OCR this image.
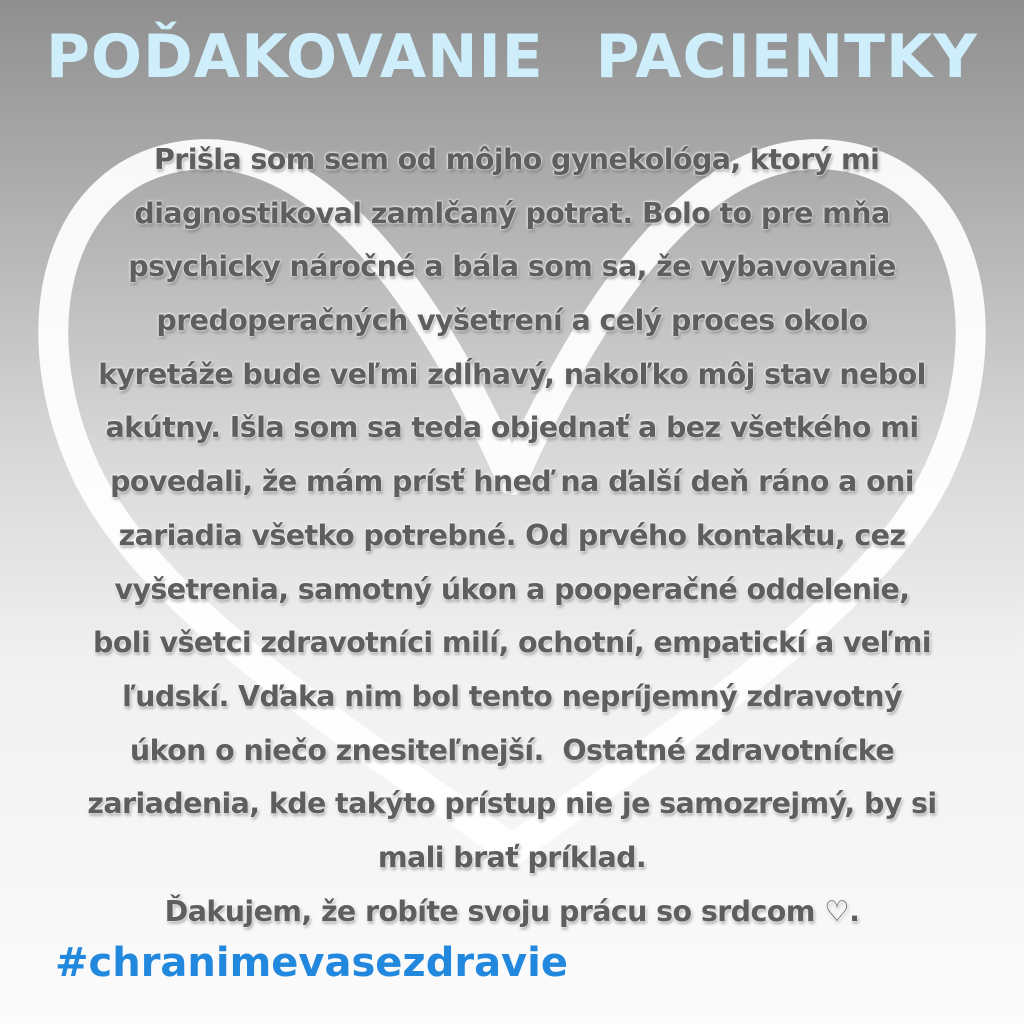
POĎAKOVANIE PACIENTKY
Prišla som sem od môjho gynekológa, ktorý mi
diagnostikoval zamlčaný potrat. Bolo to pre mňa
psychicky náročné a bála som sa, že vybavovanie
predoperačných vyšetrení a celý proces okolo
kyretáže bude veľmi zdĺhavý, nakoľko môj stav nebol
akútny. Išla som sa teda objednať a bez všetkého mi
povedali, že mám prísť hneď na ďalší deň ráno a oni
zariadia všetko potrebné. Od prvého kontaktu, cez
vyšetrenia, samotný úkon a pooperačné oddelenie,
boli všetci zdravotníci milí, ochotní, empatickí a veľmi
ľudskí. Vďaka nim bol tento nepríjemný zdravotný
úkon o niečo znesiteľnejší.  Ostatné zdravotnícke
zariadenia, kde takýto prístup nie je samozrejmý, by si
mali brať príklad.
Ďakujem, že robíte svoju prácu so srdcom ♡.
#chranimevasezdravie
